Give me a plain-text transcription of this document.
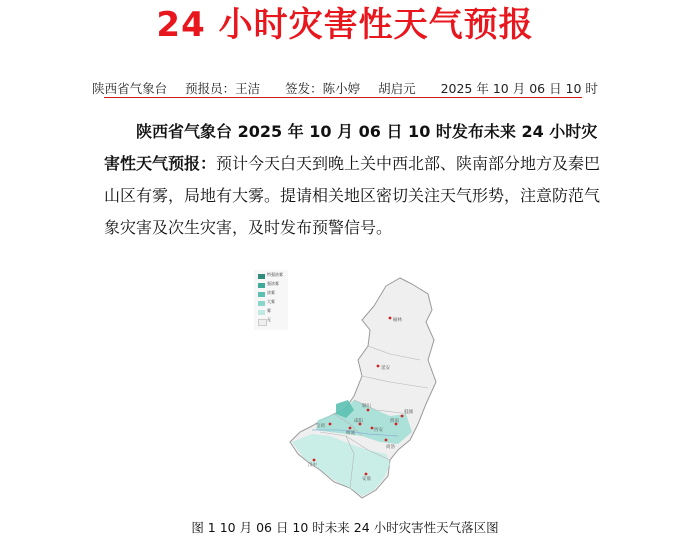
24 小时灾害性天气预报
陕西省气象台 预报员：王洁 签发：陈小婷 胡启元 2025 年 10 月 06 日 10 时
陕西省气象台 2025 年 10 月 06 日 10 时发布未来 24 小时灾害性天气预报：预计今天白天到晚上关中西北部、陕南部分地方及秦巴山区有雾，局地有大雾。提请相关地区密切关注天气形势，注意防范气象灾害及次生灾害，及时发布预警信号。
榆林
延安
铜川
渭南
咸阳
西安
商洛
宝鸡
杨凌
汉中
安康
韩城
特强浓雾
强浓雾
浓雾
大雾
雾
无
图 1 10 月 06 日 10 时未来 24 小时灾害性天气落区图
